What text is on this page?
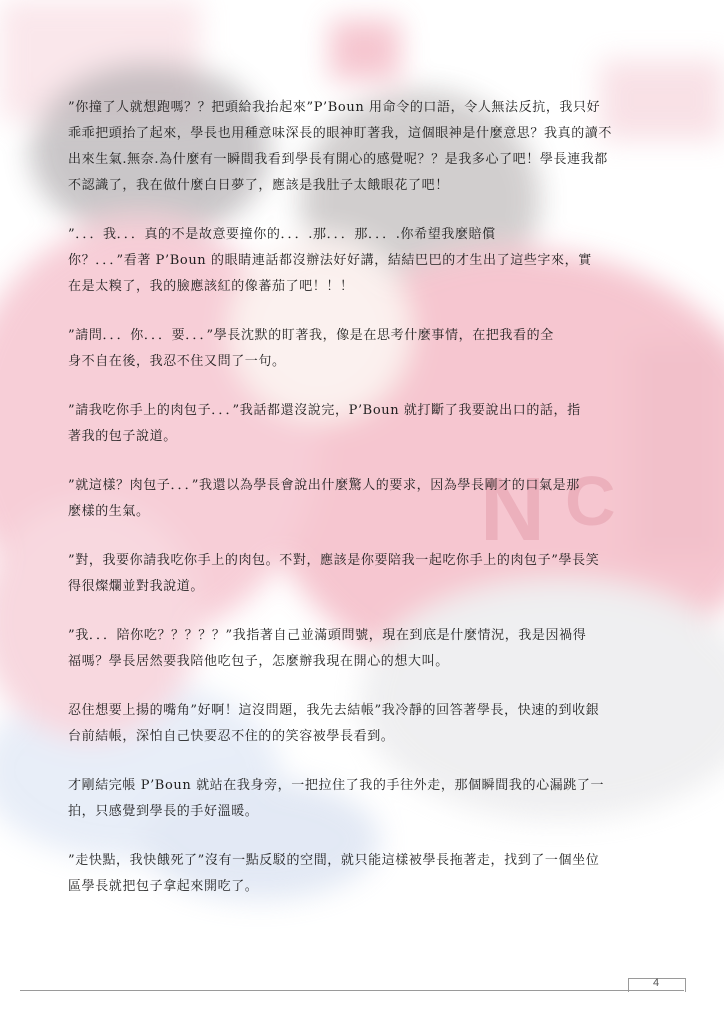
N C

”你撞了人就想跑嗎？？把頭給我抬起來”P’Boun 用命令的口語，令人無法反抗，我只好
乖乖把頭抬了起來，學長也用種意味深長的眼神盯著我，這個眼神是什麼意思？我真的讀不
出來生氣.無奈.為什麼有一瞬間我看到學長有開心的感覺呢？？是我多心了吧！學長連我都
不認識了，我在做什麼白日夢了，應該是我肚子太餓眼花了吧！

”．．．我．．．真的不是故意要撞你的．．．.那．．．那．．．.你希望我麼賠償
你？．．．”看著 P’Boun 的眼睛連話都沒辦法好好講，結結巴巴的才生出了這些字來，實
在是太糗了，我的臉應該紅的像蕃茄了吧！！！

”請問．．．你．．．要．．．”學長沈默的盯著我，像是在思考什麼事情，在把我看的全
身不自在後，我忍不住又問了一句。

”請我吃你手上的肉包子．．．”我話都還沒說完，P’Boun 就打斷了我要說出口的話，指
著我的包子說道。

”就這樣？肉包子．．．”我還以為學長會說出什麼驚人的要求，因為學長剛才的口氣是那
麼樣的生氣。

”對，我要你請我吃你手上的肉包。不對，應該是你要陪我一起吃你手上的肉包子”學長笑
得很燦爛並對我說道。

”我．．．陪你吃？？？？？”我指著自己並滿頭問號，現在到底是什麼情況，我是因禍得
福嗎？學長居然要我陪他吃包子，怎麼辦我現在開心的想大叫。

忍住想要上揚的嘴角”好啊！這沒問題，我先去結帳”我冷靜的回答著學長，快速的到收銀
台前結帳，深怕自己快要忍不住的的笑容被學長看到。

才剛結完帳 P’Boun 就站在我身旁，一把拉住了我的手往外走，那個瞬間我的心漏跳了一
拍，只感覺到學長的手好溫暖。

”走快點，我快餓死了”沒有一點反駁的空間，就只能這樣被學長拖著走，找到了一個坐位
區學長就把包子拿起來開吃了。

4
